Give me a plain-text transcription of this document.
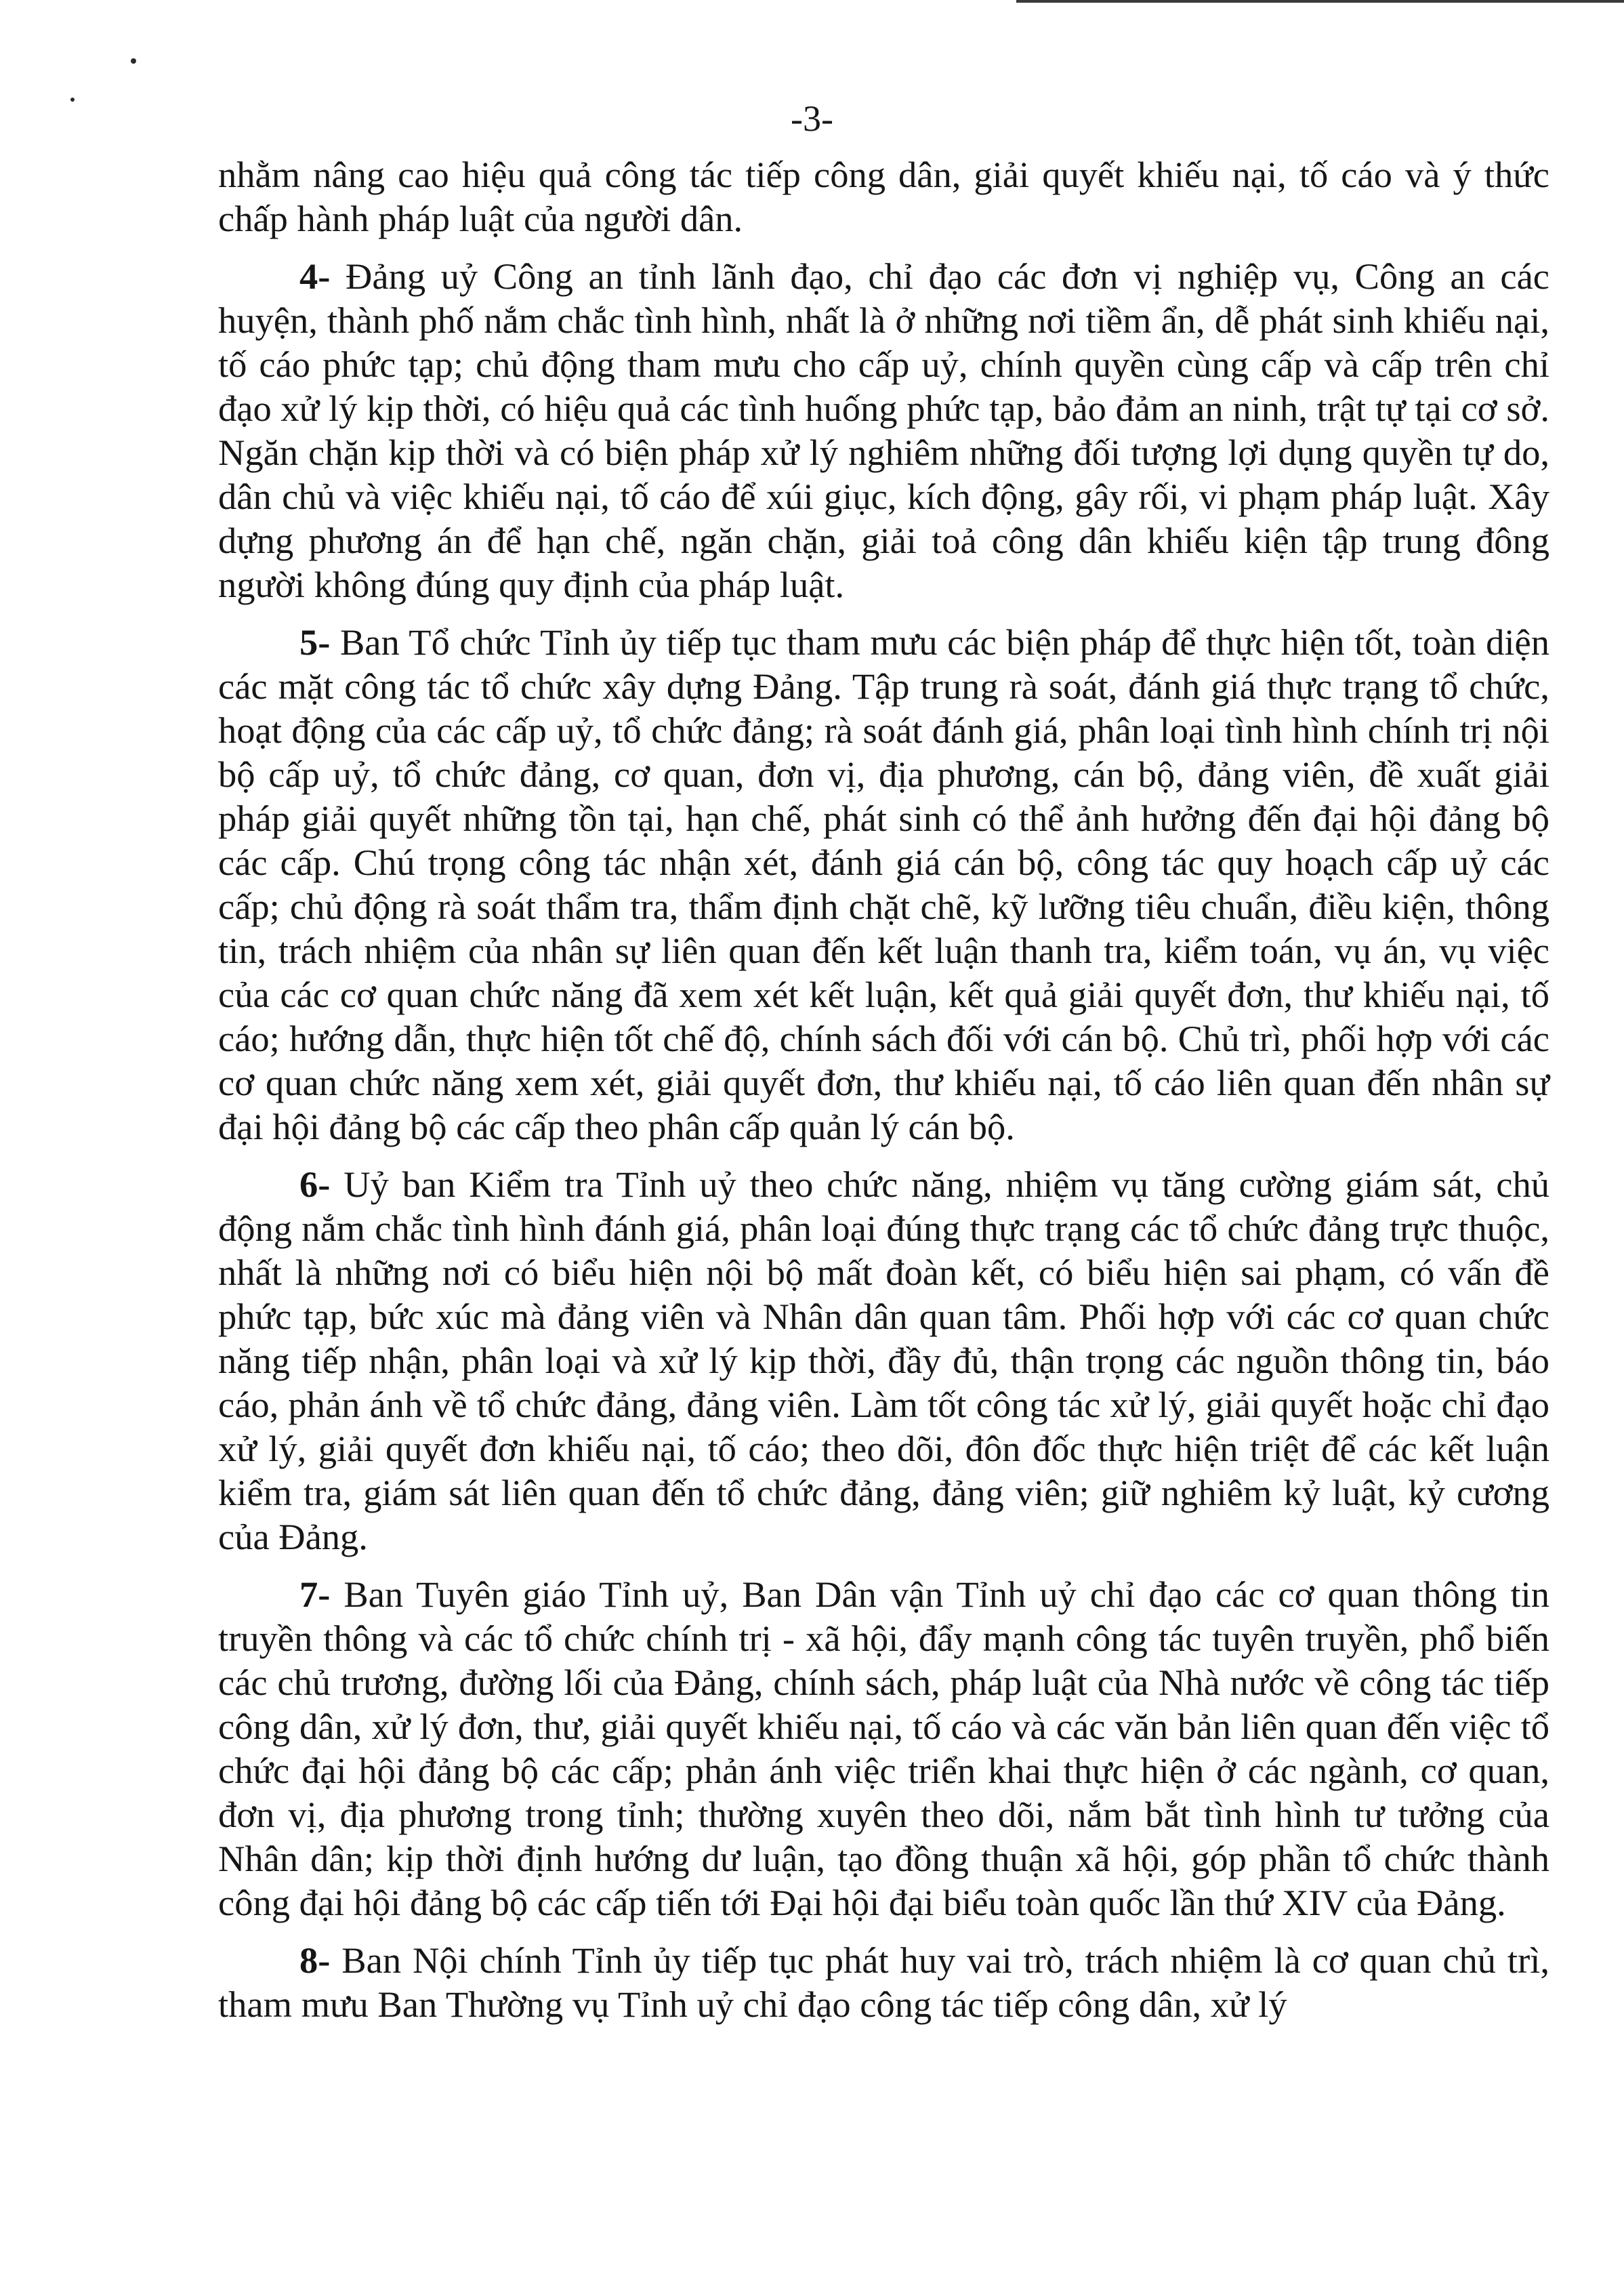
-3-

nhằm nâng cao hiệu quả công tác tiếp công dân, giải quyết khiếu nại, tố cáo và ý thức chấp hành pháp luật của người dân.

4- Đảng uỷ Công an tỉnh lãnh đạo, chỉ đạo các đơn vị nghiệp vụ, Công an các huyện, thành phố nắm chắc tình hình, nhất là ở những nơi tiềm ẩn, dễ phát sinh khiếu nại, tố cáo phức tạp; chủ động tham mưu cho cấp uỷ, chính quyền cùng cấp và cấp trên chỉ đạo xử lý kịp thời, có hiệu quả các tình huống phức tạp, bảo đảm an ninh, trật tự tại cơ sở. Ngăn chặn kịp thời và có biện pháp xử lý nghiêm những đối tượng lợi dụng quyền tự do, dân chủ và việc khiếu nại, tố cáo để xúi giục, kích động, gây rối, vi phạm pháp luật. Xây dựng phương án để hạn chế, ngăn chặn, giải toả công dân khiếu kiện tập trung đông người không đúng quy định của pháp luật.

5- Ban Tổ chức Tỉnh ủy tiếp tục tham mưu các biện pháp để thực hiện tốt, toàn diện các mặt công tác tổ chức xây dựng Đảng. Tập trung rà soát, đánh giá thực trạng tổ chức, hoạt động của các cấp uỷ, tổ chức đảng; rà soát đánh giá, phân loại tình hình chính trị nội bộ cấp uỷ, tổ chức đảng, cơ quan, đơn vị, địa phương, cán bộ, đảng viên, đề xuất giải pháp giải quyết những tồn tại, hạn chế, phát sinh có thể ảnh hưởng đến đại hội đảng bộ các cấp. Chú trọng công tác nhận xét, đánh giá cán bộ, công tác quy hoạch cấp uỷ các cấp; chủ động rà soát thẩm tra, thẩm định chặt chẽ, kỹ lưỡng tiêu chuẩn, điều kiện, thông tin, trách nhiệm của nhân sự liên quan đến kết luận thanh tra, kiểm toán, vụ án, vụ việc của các cơ quan chức năng đã xem xét kết luận, kết quả giải quyết đơn, thư khiếu nại, tố cáo; hướng dẫn, thực hiện tốt chế độ, chính sách đối với cán bộ. Chủ trì, phối hợp với các cơ quan chức năng xem xét, giải quyết đơn, thư khiếu nại, tố cáo liên quan đến nhân sự đại hội đảng bộ các cấp theo phân cấp quản lý cán bộ.

6- Uỷ ban Kiểm tra Tỉnh uỷ theo chức năng, nhiệm vụ tăng cường giám sát, chủ động nắm chắc tình hình đánh giá, phân loại đúng thực trạng các tổ chức đảng trực thuộc, nhất là những nơi có biểu hiện nội bộ mất đoàn kết, có biểu hiện sai phạm, có vấn đề phức tạp, bức xúc mà đảng viên và Nhân dân quan tâm. Phối hợp với các cơ quan chức năng tiếp nhận, phân loại và xử lý kịp thời, đầy đủ, thận trọng các nguồn thông tin, báo cáo, phản ánh về tổ chức đảng, đảng viên. Làm tốt công tác xử lý, giải quyết hoặc chỉ đạo xử lý, giải quyết đơn khiếu nại, tố cáo; theo dõi, đôn đốc thực hiện triệt để các kết luận kiểm tra, giám sát liên quan đến tổ chức đảng, đảng viên; giữ nghiêm kỷ luật, kỷ cương của Đảng.

7- Ban Tuyên giáo Tỉnh uỷ, Ban Dân vận Tỉnh uỷ chỉ đạo các cơ quan thông tin truyền thông và các tổ chức chính trị - xã hội, đẩy mạnh công tác tuyên truyền, phổ biến các chủ trương, đường lối của Đảng, chính sách, pháp luật của Nhà nước về công tác tiếp công dân, xử lý đơn, thư, giải quyết khiếu nại, tố cáo và các văn bản liên quan đến việc tổ chức đại hội đảng bộ các cấp; phản ánh việc triển khai thực hiện ở các ngành, cơ quan, đơn vị, địa phương trong tỉnh; thường xuyên theo dõi, nắm bắt tình hình tư tưởng của Nhân dân; kịp thời định hướng dư luận, tạo đồng thuận xã hội, góp phần tổ chức thành công đại hội đảng bộ các cấp tiến tới Đại hội đại biểu toàn quốc lần thứ XIV của Đảng.

8- Ban Nội chính Tỉnh ủy tiếp tục phát huy vai trò, trách nhiệm là cơ quan chủ trì, tham mưu Ban Thường vụ Tỉnh uỷ chỉ đạo công tác tiếp công dân, xử lý
